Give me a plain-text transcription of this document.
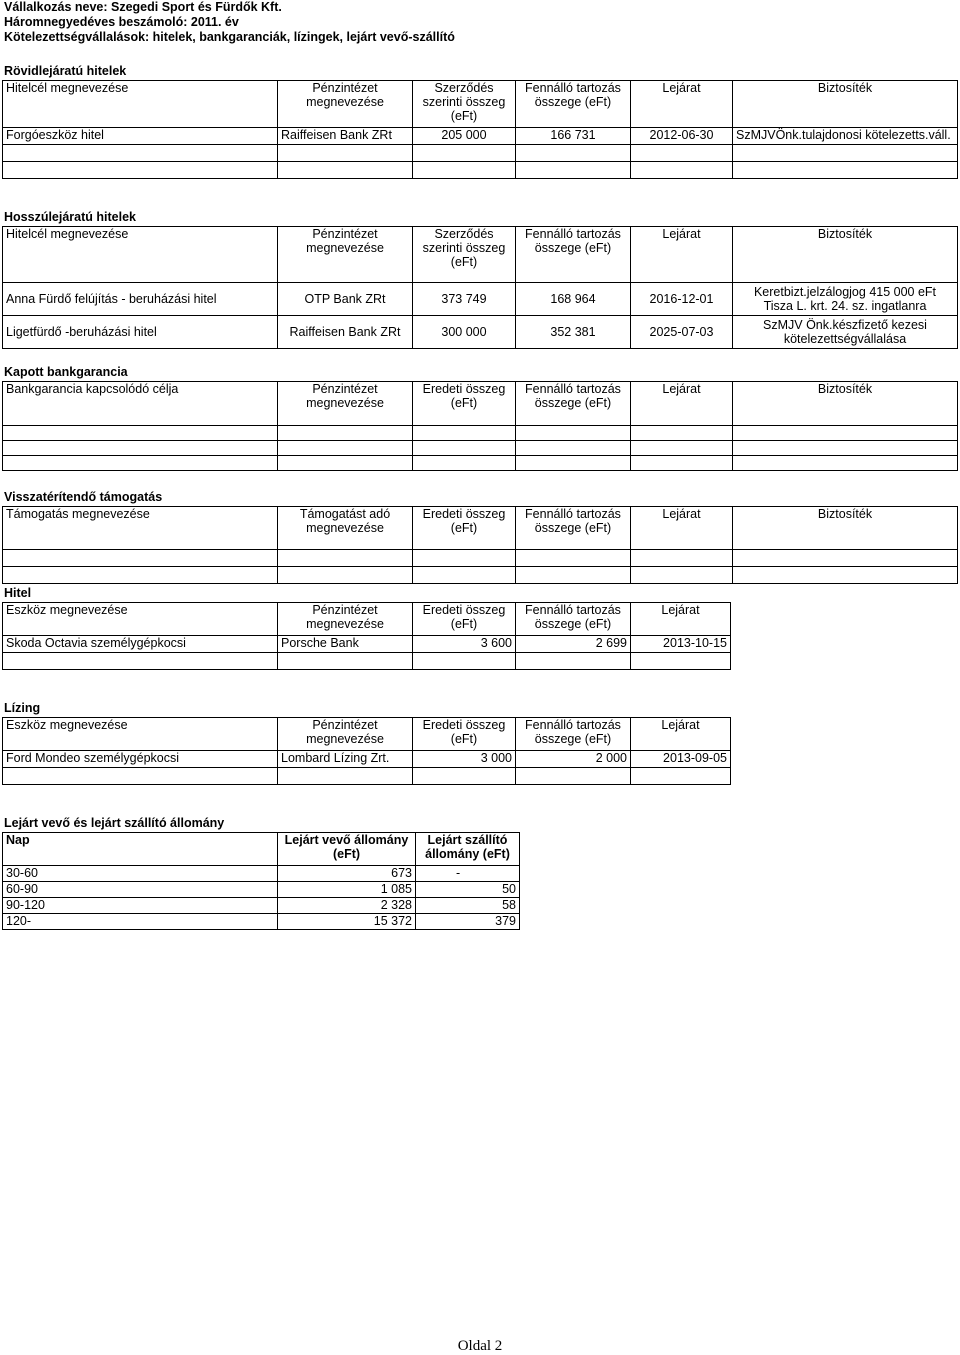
Vállalkozás neve: Szegedi Sport és Fürdők Kft.
Háromnegyedéves beszámoló: 2011. év
Kötelezettségvállalások: hitelek, bankgaranciák, lízingek, lejárt vevő-szállító
Rövidlejáratú hitelek
Hitelcél megnevezése	Pénzintézet megnevezése	Szerződés szerinti összeg (eFt)	Fennálló tartozás összege (eFt)	Lejárat	Biztosíték
Forgóeszköz hitel	Raiffeisen Bank ZRt	205 000	166 731	2012-06-30	SzMJVÖnk.tulajdonosi kötelezetts.váll.

Hosszúlejáratú hitelek
Hitelcél megnevezése	Pénzintézet megnevezése	Szerződés szerinti összeg (eFt)	Fennálló tartozás összege (eFt)	Lejárat	Biztosíték
Anna Fürdő felújítás - beruházási hitel	OTP Bank ZRt	373 749	168 964	2016-12-01	Keretbizt.jelzálogjog 415 000 eFt Tisza L. krt. 24. sz. ingatlanra
Ligetfürdő -beruházási hitel	Raiffeisen Bank ZRt	300 000	352 381	2025-07-03	SzMJV Önk.készfizető kezesi kötelezettségvállalása
Kapott bankgarancia
Bankgarancia kapcsolódó célja	Pénzintézet megnevezése	Eredeti összeg (eFt)	Fennálló tartozás összege (eFt)	Lejárat	Biztosíték

Visszatérítendő támogatás
Támogatás megnevezése	Támogatást adó megnevezése	Eredeti összeg (eFt)	Fennálló tartozás összege (eFt)	Lejárat	Biztosíték

Hitel
Eszköz megnevezése	Pénzintézet megnevezése	Eredeti összeg (eFt)	Fennálló tartozás összege (eFt)	Lejárat
Skoda Octavia személygépkocsi	Porsche Bank	3 600	2 699	2013-10-15

Lízing
Eszköz megnevezése	Pénzintézet megnevezése	Eredeti összeg (eFt)	Fennálló tartozás összege (eFt)	Lejárat
Ford Mondeo személygépkocsi	Lombard Lízing Zrt.	3 000	2 000	2013-09-05

Lejárt vevő és lejárt szállító állomány
Nap	Lejárt vevő állomány (eFt)	Lejárt szállító állomány (eFt)
30-60	673	-
60-90	1 085	50
90-120	2 328	58
120-	15 372	379
Oldal 2
